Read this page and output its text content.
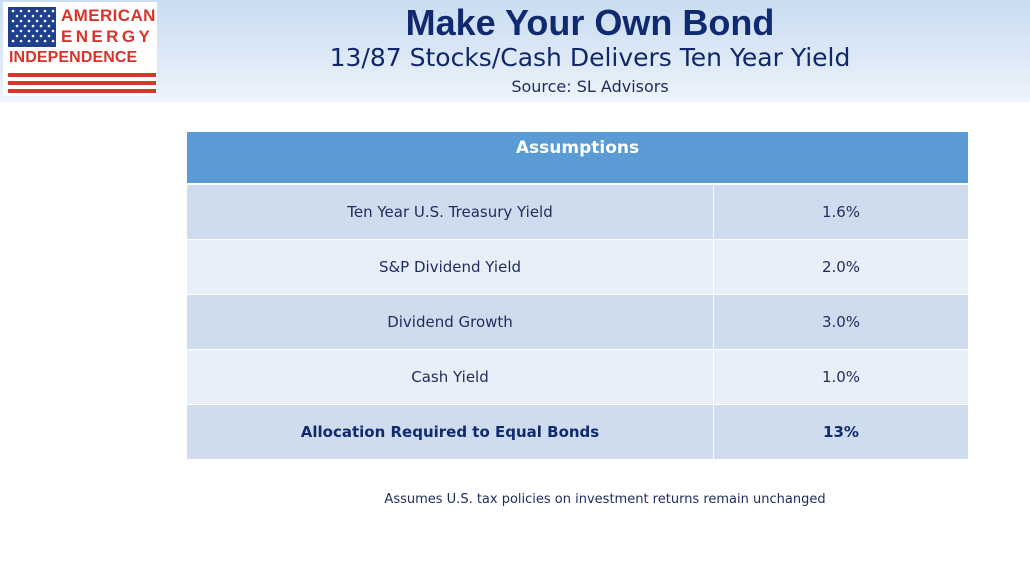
AMERICAN
ENERGY
INDEPENDENCE
Make Your Own Bond
13/87 Stocks/Cash Delivers Ten Year Yield
Source: SL Advisors
Assumptions
Ten Year U.S. Treasury Yield	1.6%
S&P Dividend Yield	2.0%
Dividend Growth	3.0%
Cash Yield	1.0%
Allocation Required to Equal Bonds	13%
Assumes U.S. tax policies on investment returns remain unchanged
